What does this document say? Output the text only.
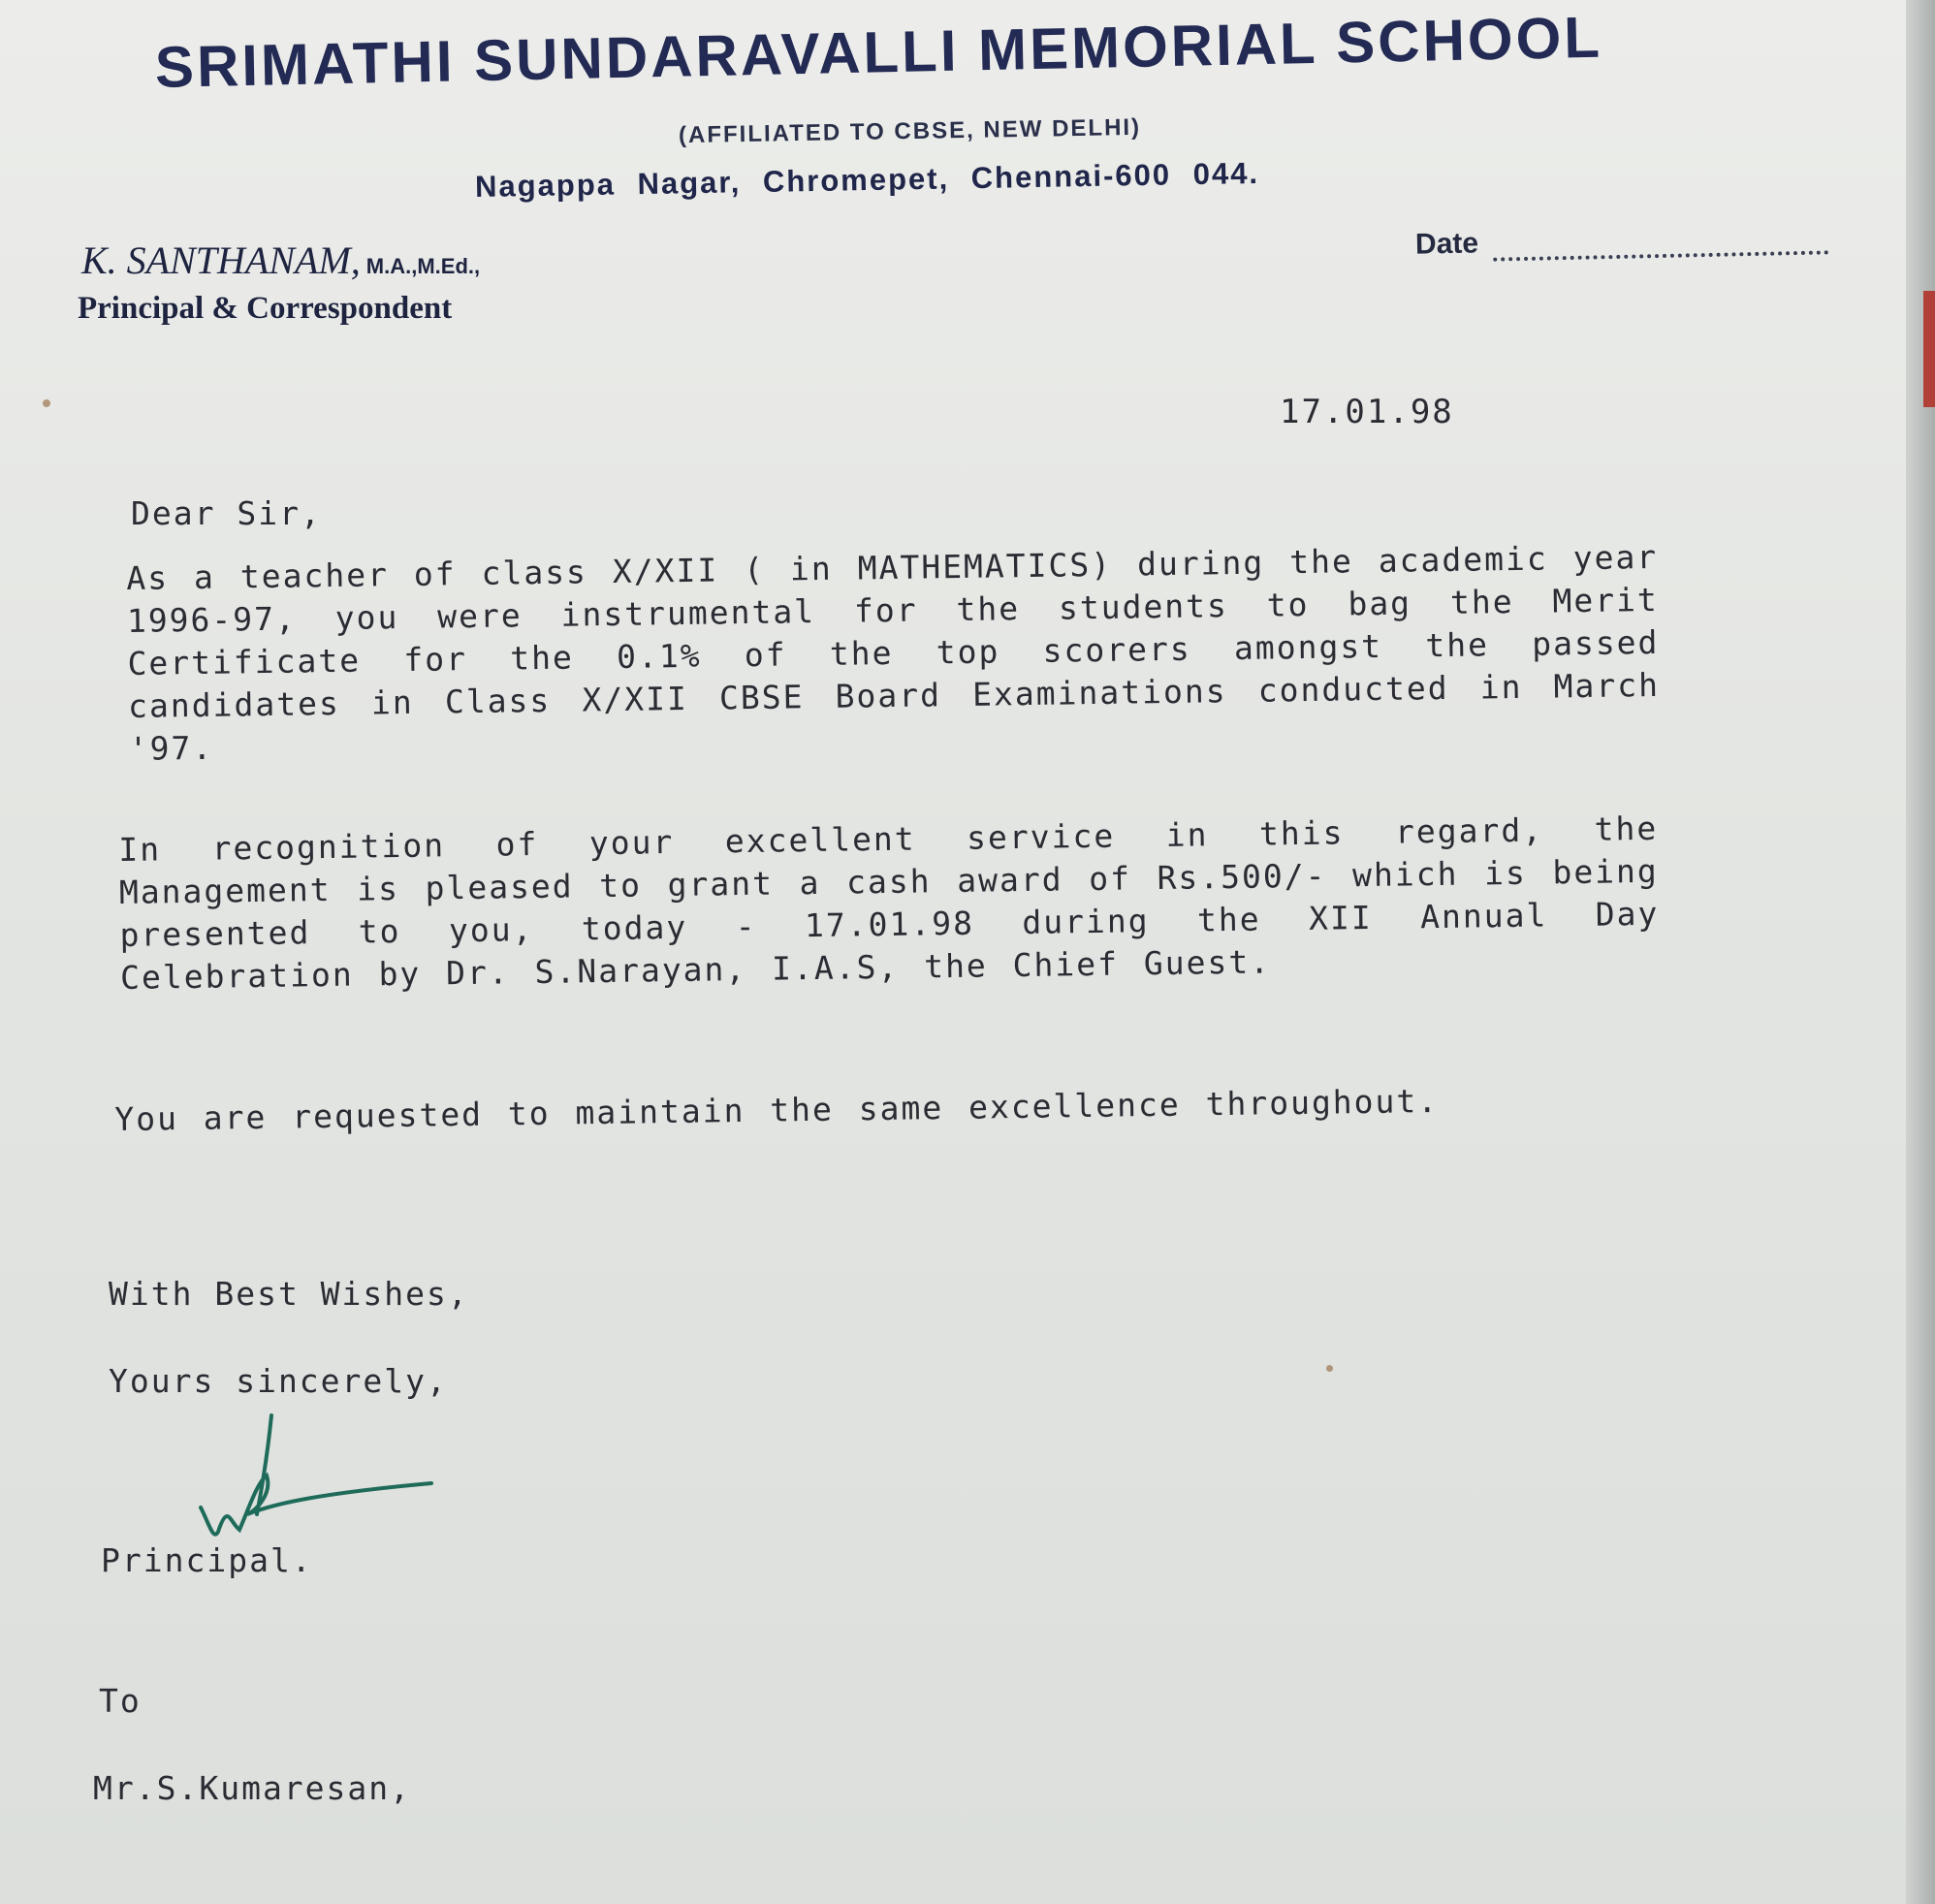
SRIMATHI SUNDARAVALLI MEMORIAL SCHOOL
(AFFILIATED TO CBSE, NEW DELHI)
Nagappa Nagar, Chromepet, Chennai-600 044.
K. SANTHANAM, M.A.,M.Ed.,
Principal & Correspondent
Date
17.01.98
Dear Sir,
As a teacher of class X/XII ( in MATHEMATICS) during the academic year 1996-97, you were instrumental for the students to bag the Merit Certificate for the 0.1% of the top scorers amongst the passed candidates in Class X/XII CBSE Board Examinations conducted in March '97.
In recognition of your excellent service in this regard, the Management is pleased to grant a cash award of Rs.500/- which is being presented to you, today - 17.01.98 during the XII Annual Day Celebration by Dr. S.Narayan, I.A.S, the Chief Guest.
You are requested to maintain the same excellence throughout.
With Best Wishes,
Yours sincerely,
Principal.
To
Mr.S.Kumaresan,
